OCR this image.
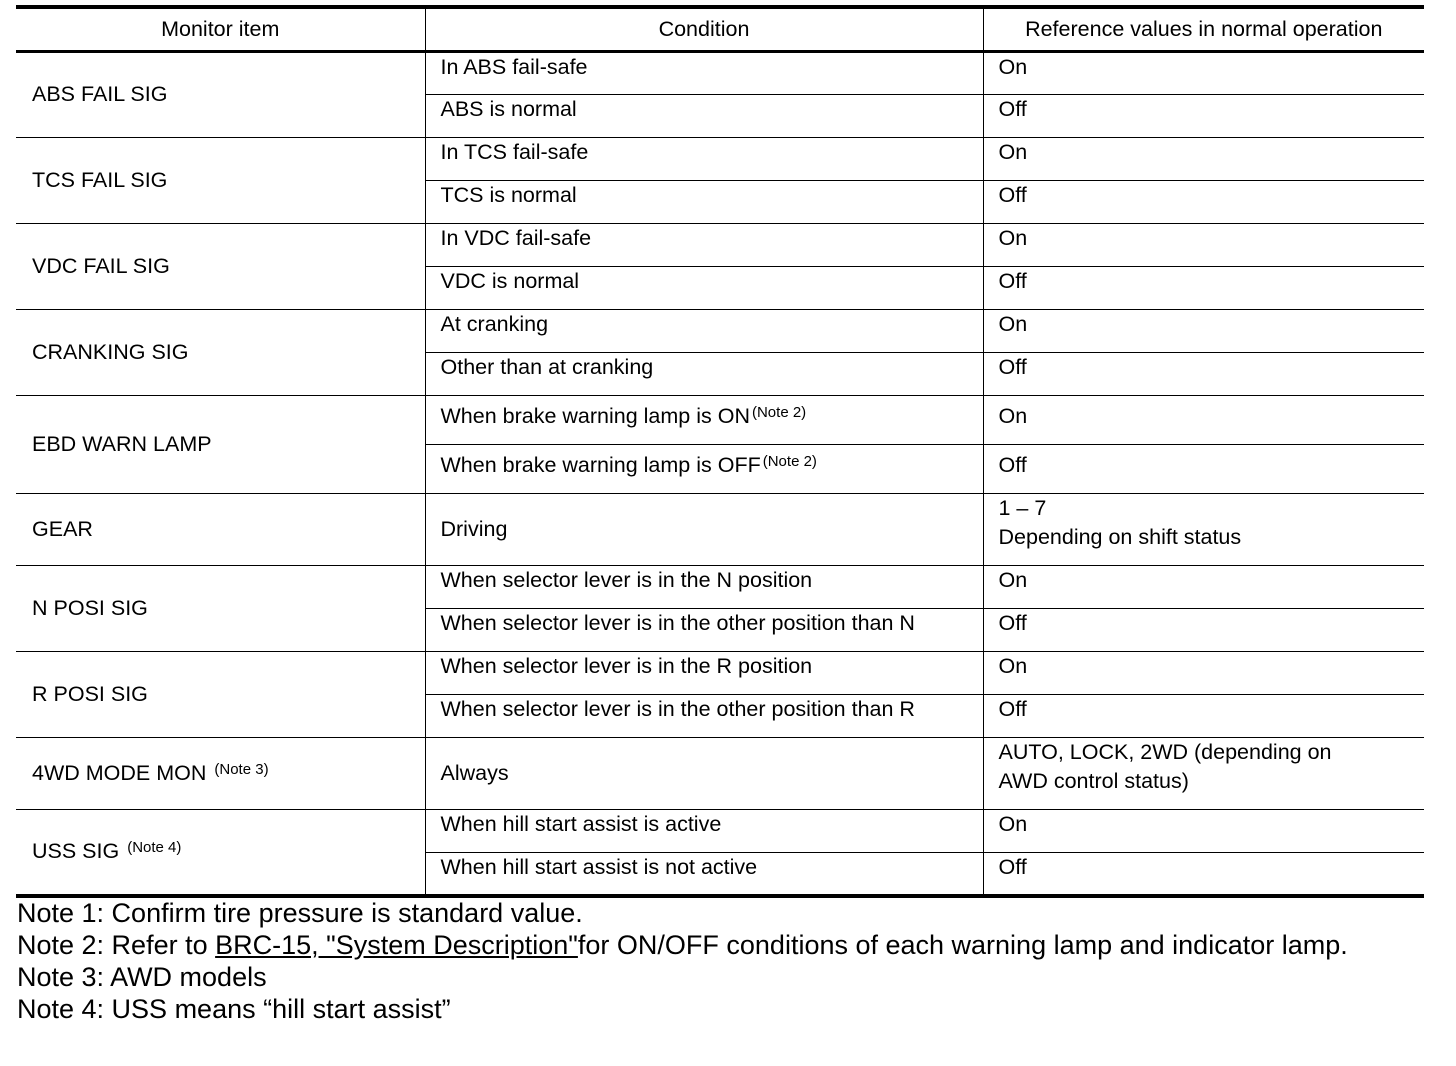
Monitor item	Condition	Reference values in normal operation
ABS FAIL SIG	In ABS fail-safe	On
	ABS is normal	Off
TCS FAIL SIG	In TCS fail-safe	On
	TCS is normal	Off
VDC FAIL SIG	In VDC fail-safe	On
	VDC is normal	Off
CRANKING SIG	At cranking	On
	Other than at cranking	Off
EBD WARN LAMP	When brake warning lamp is ON $^{(Note 2)}$	On
	When brake warning lamp is OFF $^{(Note 2)}$	Off
GEAR	Driving	1 – 7
Depending on shift status

N POSI SIG	When selector lever is in the N position	On
	When selector lever is in the other position than N	Off
R POSI SIG	When selector lever is in the R position	On
	When selector lever is in the other position than R	Off
4WD MODE MON $^{(Note 3)}$	Always	AUTO, LOCK, 2WD (depending on
AWD control status)

USS SIG $^{(Note 4)}$	When hill start assist is active	On
	When hill start assist is not active	Off

Note 1: Confirm tire pressure is standard value.

Note 2: Refer to BRC-15, "System Description"for ON/OFF conditions of each warning lamp and indicator lamp.

Note 3: AWD models

Note 4: USS means “hill start assist”
